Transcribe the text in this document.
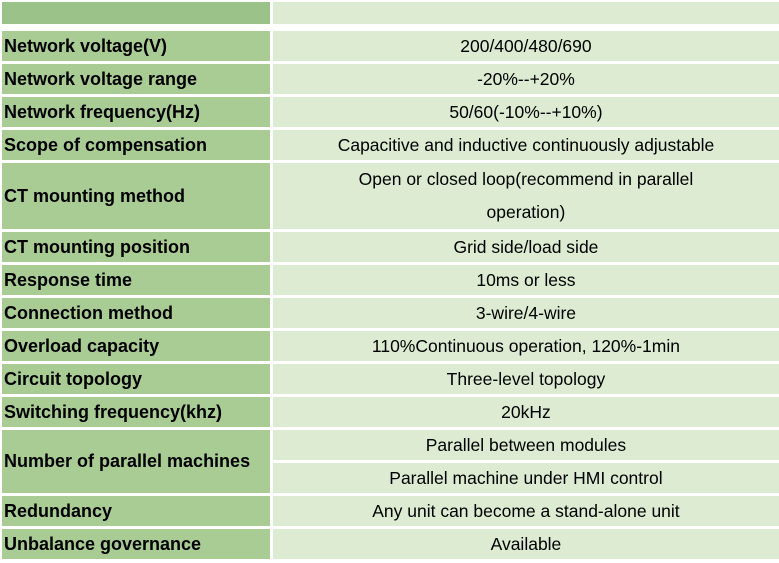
Network voltage(V)	200/400/480/690
Network voltage range	-20%--+20%
Network frequency(Hz)	50/60(-10%--+10%)
Scope of compensation	Capacitive and inductive continuously adjustable
CT mounting method	Open or closed loop(recommend in parallel operation)
CT mounting position	Grid side/load side
Response time	10ms or less
Connection method	3-wire/4-wire
Overload capacity	110%Continuous operation, 120%-1min
Circuit topology	Three-level topology
Switching frequency(khz)	20kHz
Number of parallel machines	Parallel between modules
	Parallel machine under HMI control
Redundancy	Any unit can become a stand-alone unit
Unbalance governance	Available
